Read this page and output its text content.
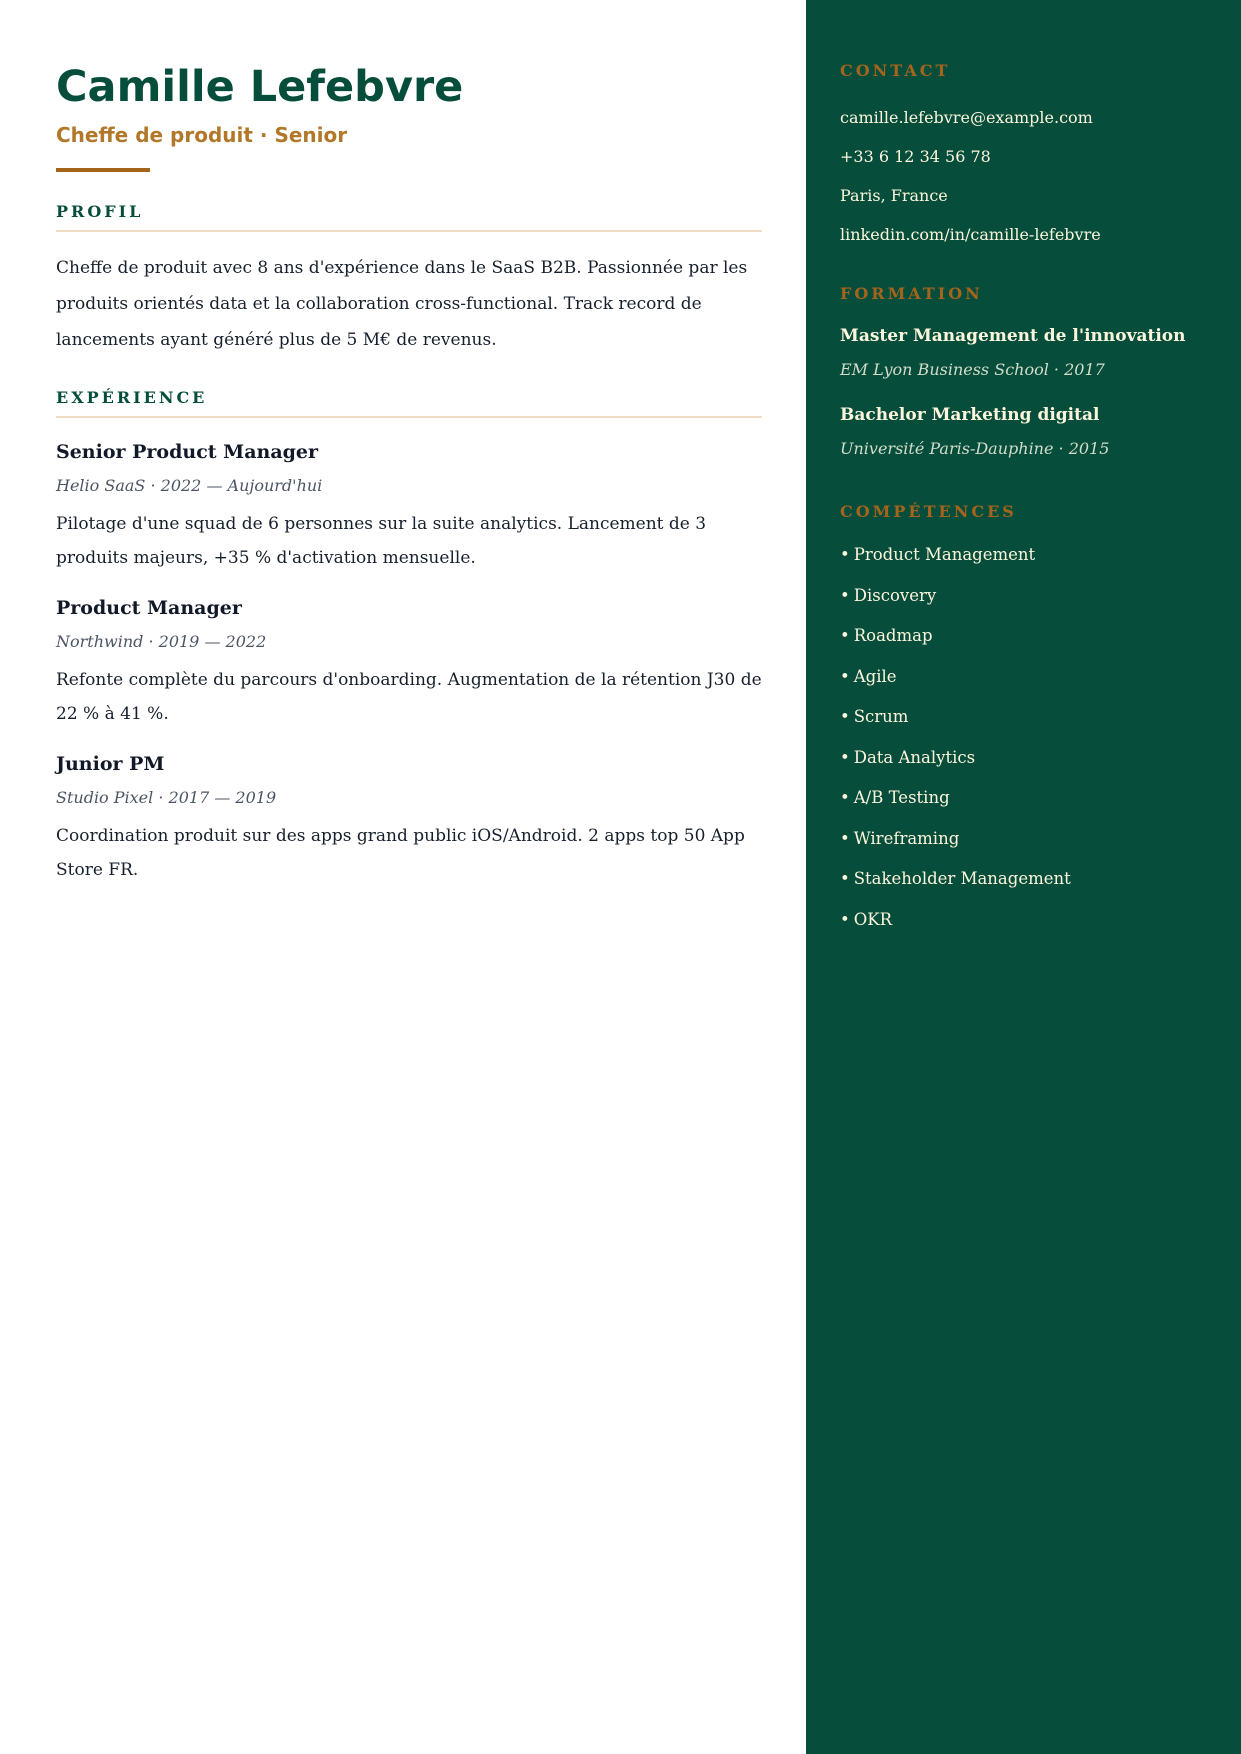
Camille Lefebvre
Cheffe de produit · Senior
PROFIL

Cheffe de produit avec 8 ans d'expérience dans le SaaS B2B. Passionnée par les produits orientés data et la collaboration cross-functional. Track record de lancements ayant généré plus de 5 M€ de revenus.

EXPÉRIENCE
Senior Product Manager

Helio SaaS · 2022 — Aujourd'hui

Pilotage d'une squad de 6 personnes sur la suite analytics. Lancement de 3 produits majeurs, +35 % d'activation mensuelle.

Product Manager

Northwind · 2019 — 2022

Refonte complète du parcours d'onboarding. Augmentation de la rétention J30 de 22 % à 41 %.

Junior PM

Studio Pixel · 2017 — 2019

Coordination produit sur des apps grand public iOS/Android. 2 apps top 50 App Store FR.

CONTACT
camille.lefebvre@example.com
+33 6 12 34 56 78
Paris, France
linkedin.com/in/camille-lefebvre
FORMATION
Master Management de l'innovation
EM Lyon Business School · 2017
Bachelor Marketing digital
Université Paris-Dauphine · 2015
COMPÉTENCES
• Product Management
• Discovery
• Roadmap
• Agile
• Scrum
• Data Analytics
• A/B Testing
• Wireframing
• Stakeholder Management
• OKR
